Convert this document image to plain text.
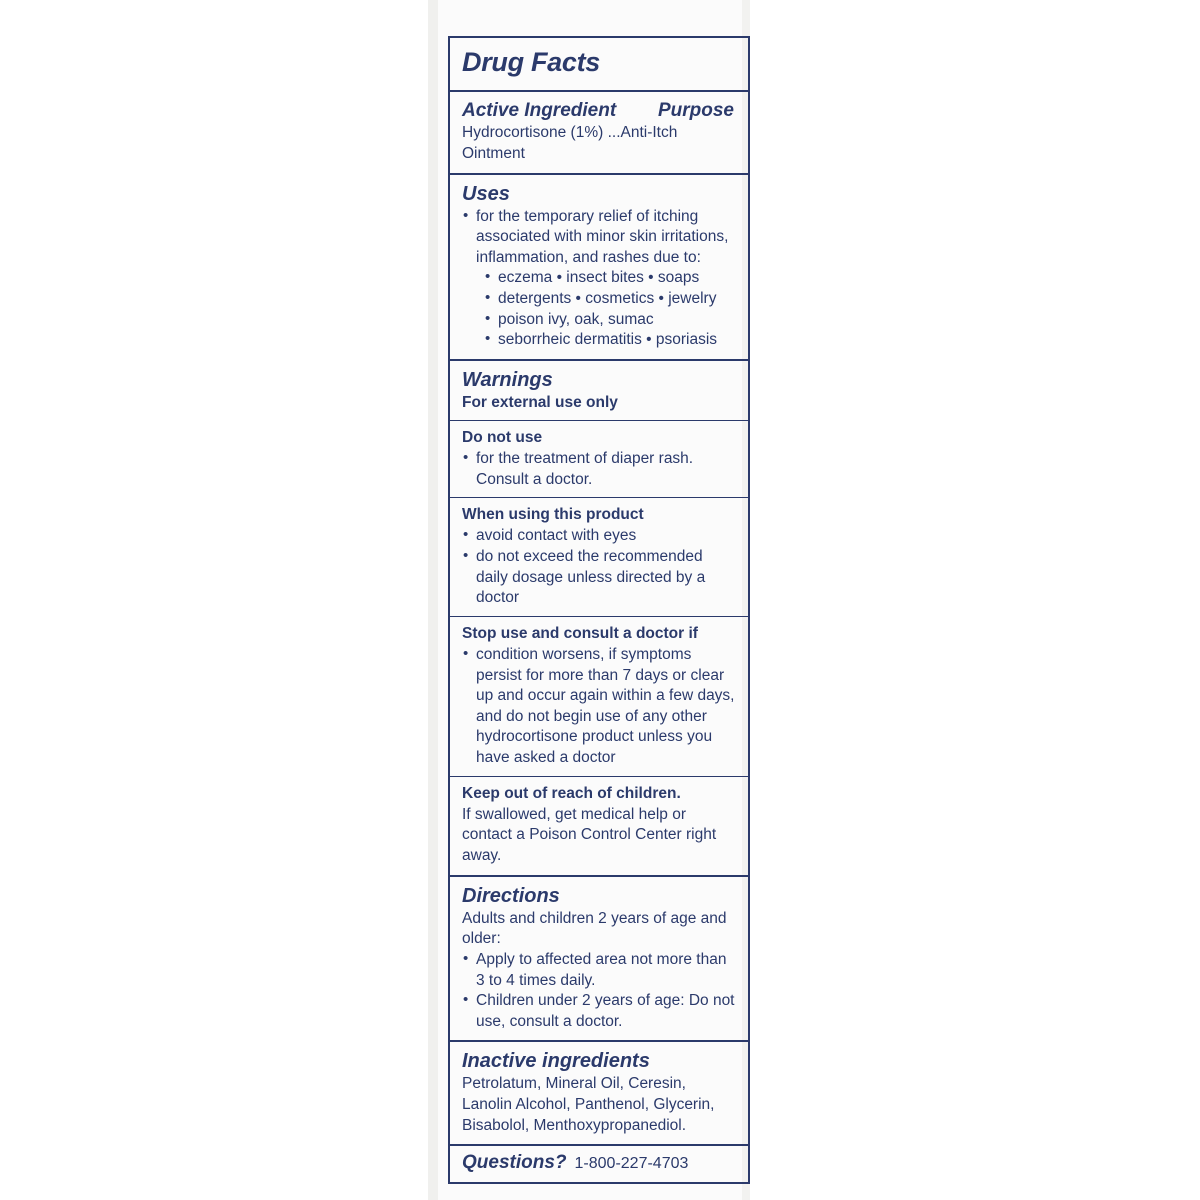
Drug Facts
Active Ingredient Purpose
Hydrocortisone (1%) ...Anti-Itch Ointment
Uses
• for the temporary relief of itching associated with minor skin irritations, inflammation, and rashes due to:
• eczema • insect bites • soaps
• detergents • cosmetics • jewelry
• poison ivy, oak, sumac
• seborrheic dermatitis • psoriasis
Warnings
For external use only
Do not use
• for the treatment of diaper rash. Consult a doctor.
When using this product
• avoid contact with eyes
• do not exceed the recommended daily dosage unless directed by a doctor
Stop use and consult a doctor if
• condition worsens, if symptoms persist for more than 7 days or clear up and occur again within a few days, and do not begin use of any other hydrocortisone product unless you have asked a doctor
Keep out of reach of children.
If swallowed, get medical help or contact a Poison Control Center right away.
Directions
Adults and children 2 years of age and older:
• Apply to affected area not more than 3 to 4 times daily.
• Children under 2 years of age: Do not use, consult a doctor.
Inactive ingredients
Petrolatum, Mineral Oil, Ceresin, Lanolin Alcohol, Panthenol, Glycerin, Bisabolol, Menthoxypropanediol.
Questions? 1-800-227-4703
